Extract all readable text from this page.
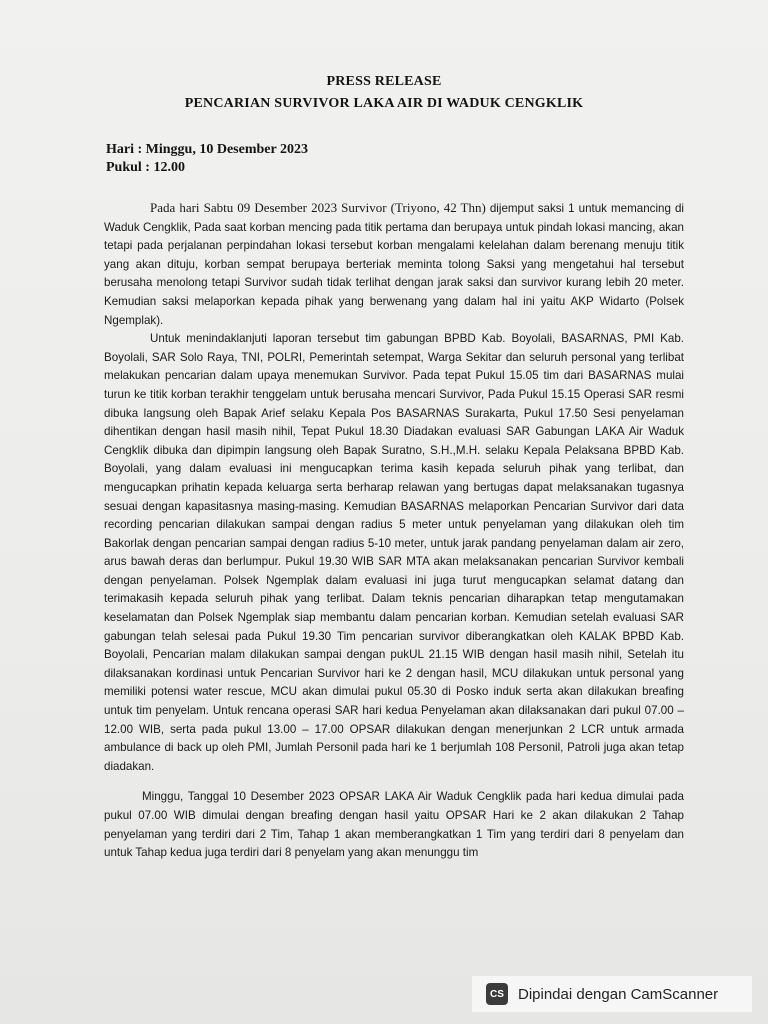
PRESS RELEASE
PENCARIAN SURVIVOR LAKA AIR DI WADUK CENGKLIK
Hari : Minggu, 10 Desember 2023
Pukul : 12.00

Pada hari Sabtu 09 Desember 2023 Survivor (Triyono, 42 Thn) dijemput saksi 1 untuk memancing di Waduk Cengklik, Pada saat korban mencing pada titik pertama dan berupaya untuk pindah lokasi mancing, akan tetapi pada perjalanan perpindahan lokasi tersebut korban mengalami kelelahan dalam berenang menuju titik yang akan dituju, korban sempat berupaya berteriak meminta tolong Saksi yang mengetahui hal tersebut berusaha menolong tetapi Survivor sudah tidak terlihat dengan jarak saksi dan survivor kurang lebih 20 meter. Kemudian saksi melaporkan kepada pihak yang berwenang yang dalam hal ini yaitu AKP Widarto (Polsek Ngemplak).

Untuk menindaklanjuti laporan tersebut tim gabungan BPBD Kab. Boyolali, BASARNAS, PMI Kab. Boyolali, SAR Solo Raya, TNI, POLRI, Pemerintah setempat, Warga Sekitar dan seluruh personal yang terlibat melakukan pencarian dalam upaya menemukan Survivor. Pada tepat Pukul 15.05 tim dari BASARNAS mulai turun ke titik korban terakhir tenggelam untuk berusaha mencari Survivor, Pada Pukul 15.15 Operasi SAR resmi dibuka langsung oleh Bapak Arief selaku Kepala Pos BASARNAS Surakarta, Pukul 17.50 Sesi penyelaman dihentikan dengan hasil masih nihil, Tepat Pukul 18.30 Diadakan evaluasi SAR Gabungan LAKA Air Waduk Cengklik dibuka dan dipimpin langsung oleh Bapak Suratno, S.H.,M.H. selaku Kepala Pelaksana BPBD Kab. Boyolali, yang dalam evaluasi ini mengucapkan terima kasih kepada seluruh pihak yang terlibat, dan mengucapkan prihatin kepada keluarga serta berharap relawan yang bertugas dapat melaksanakan tugasnya sesuai dengan kapasitasnya masing-masing. Kemudian BASARNAS melaporkan Pencarian Survivor dari data recording pencarian dilakukan sampai dengan radius 5 meter untuk penyelaman yang dilakukan oleh tim Bakorlak dengan pencarian sampai dengan radius 5-10 meter, untuk jarak pandang penyelaman dalam air zero, arus bawah deras dan berlumpur. Pukul 19.30 WIB SAR MTA akan melaksanakan pencarian Survivor kembali dengan penyelaman. Polsek Ngemplak dalam evaluasi ini juga turut mengucapkan selamat datang dan terimakasih kepada seluruh pihak yang terlibat. Dalam teknis pencarian diharapkan tetap mengutamakan keselamatan dan Polsek Ngemplak siap membantu dalam pencarian korban. Kemudian setelah evaluasi SAR gabungan telah selesai pada Pukul 19.30 Tim pencarian survivor diberangkatkan oleh KALAK BPBD Kab. Boyolali, Pencarian malam dilakukan sampai dengan pukUL 21.15 WIB dengan hasil masih nihil, Setelah itu dilaksanakan kordinasi untuk Pencarian Survivor hari ke 2 dengan hasil, MCU dilakukan untuk personal yang memiliki potensi water rescue, MCU akan dimulai pukul 05.30 di Posko induk serta akan dilakukan breafing untuk tim penyelam. Untuk rencana operasi SAR hari kedua Penyelaman akan dilaksanakan dari pukul 07.00 – 12.00 WIB, serta pada pukul 13.00 – 17.00 OPSAR dilakukan dengan menerjunkan 2 LCR untuk armada ambulance di back up oleh PMI, Jumlah Personil pada hari ke 1 berjumlah 108 Personil, Patroli juga akan tetap diadakan.

Minggu, Tanggal 10 Desember 2023 OPSAR LAKA Air Waduk Cengklik pada hari kedua dimulai pada pukul 07.00 WIB dimulai dengan breafing dengan hasil yaitu OPSAR Hari ke 2 akan dilakukan 2 Tahap penyelaman yang terdiri dari 2 Tim, Tahap 1 akan memberangkatkan 1 Tim yang terdiri dari 8 penyelam dan untuk Tahap kedua juga terdiri dari 8 penyelam yang akan menunggu tim

CS Dipindai dengan CamScanner
